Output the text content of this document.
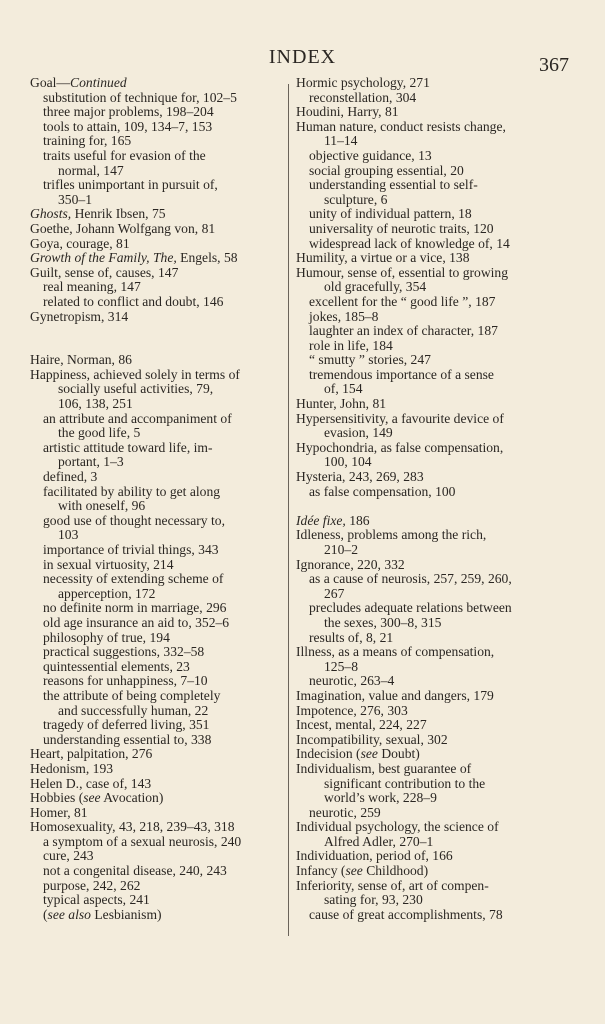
INDEX	367
Goal—Continued
substitution of technique for, 102–5
three major problems, 198–204
tools to attain, 109, 134–7, 153
training for, 165
traits useful for evasion of the
normal, 147
trifles unimportant in pursuit of,
350–1
Ghosts, Henrik Ibsen, 75
Goethe, Johann Wolfgang von, 81
Goya, courage, 81
Growth of the Family, The, Engels, 58
Guilt, sense of, causes, 147
real meaning, 147
related to conflict and doubt, 146
Gynetropism, 314
Haire, Norman, 86
Happiness, achieved solely in terms of
socially useful activities, 79,
106, 138, 251
an attribute and accompaniment of
the good life, 5
artistic attitude toward life, im-
portant, 1–3
defined, 3
facilitated by ability to get along
with oneself, 96
good use of thought necessary to,
103
importance of trivial things, 343
in sexual virtuosity, 214
necessity of extending scheme of
apperception, 172
no definite norm in marriage, 296
old age insurance an aid to, 352–6
philosophy of true, 194
practical suggestions, 332–58
quintessential elements, 23
reasons for unhappiness, 7–10
the attribute of being completely
and successfully human, 22
tragedy of deferred living, 351
understanding essential to, 338
Heart, palpitation, 276
Hedonism, 193
Helen D., case of, 143
Hobbies (see Avocation)
Homer, 81
Homosexuality, 43, 218, 239–43, 318
a symptom of a sexual neurosis, 240
cure, 243
not a congenital disease, 240, 243
purpose, 242, 262
typical aspects, 241
(see also Lesbianism)
Hormic psychology, 271
reconstellation, 304
Houdini, Harry, 81
Human nature, conduct resists change,
11–14
objective guidance, 13
social grouping essential, 20
understanding essential to self-
sculpture, 6
unity of individual pattern, 18
universality of neurotic traits, 120
widespread lack of knowledge of, 14
Humility, a virtue or a vice, 138
Humour, sense of, essential to growing
old gracefully, 354
excellent for the “ good life ”, 187
jokes, 185–8
laughter an index of character, 187
role in life, 184
“ smutty ” stories, 247
tremendous importance of a sense
of, 154
Hunter, John, 81
Hypersensitivity, a favourite device of
evasion, 149
Hypochondria, as false compensation,
100, 104
Hysteria, 243, 269, 283
as false compensation, 100
Idée fixe, 186
Idleness, problems among the rich,
210–2
Ignorance, 220, 332
as a cause of neurosis, 257, 259, 260,
267
precludes adequate relations between
the sexes, 300–8, 315
results of, 8, 21
Illness, as a means of compensation,
125–8
neurotic, 263–4
Imagination, value and dangers, 179
Impotence, 276, 303
Incest, mental, 224, 227
Incompatibility, sexual, 302
Indecision (see Doubt)
Individualism, best guarantee of
significant contribution to the
world’s work, 228–9
neurotic, 259
Individual psychology, the science of
Alfred Adler, 270–1
Individuation, period of, 166
Infancy (see Childhood)
Inferiority, sense of, art of compen-
sating for, 93, 230
cause of great accomplishments, 78
